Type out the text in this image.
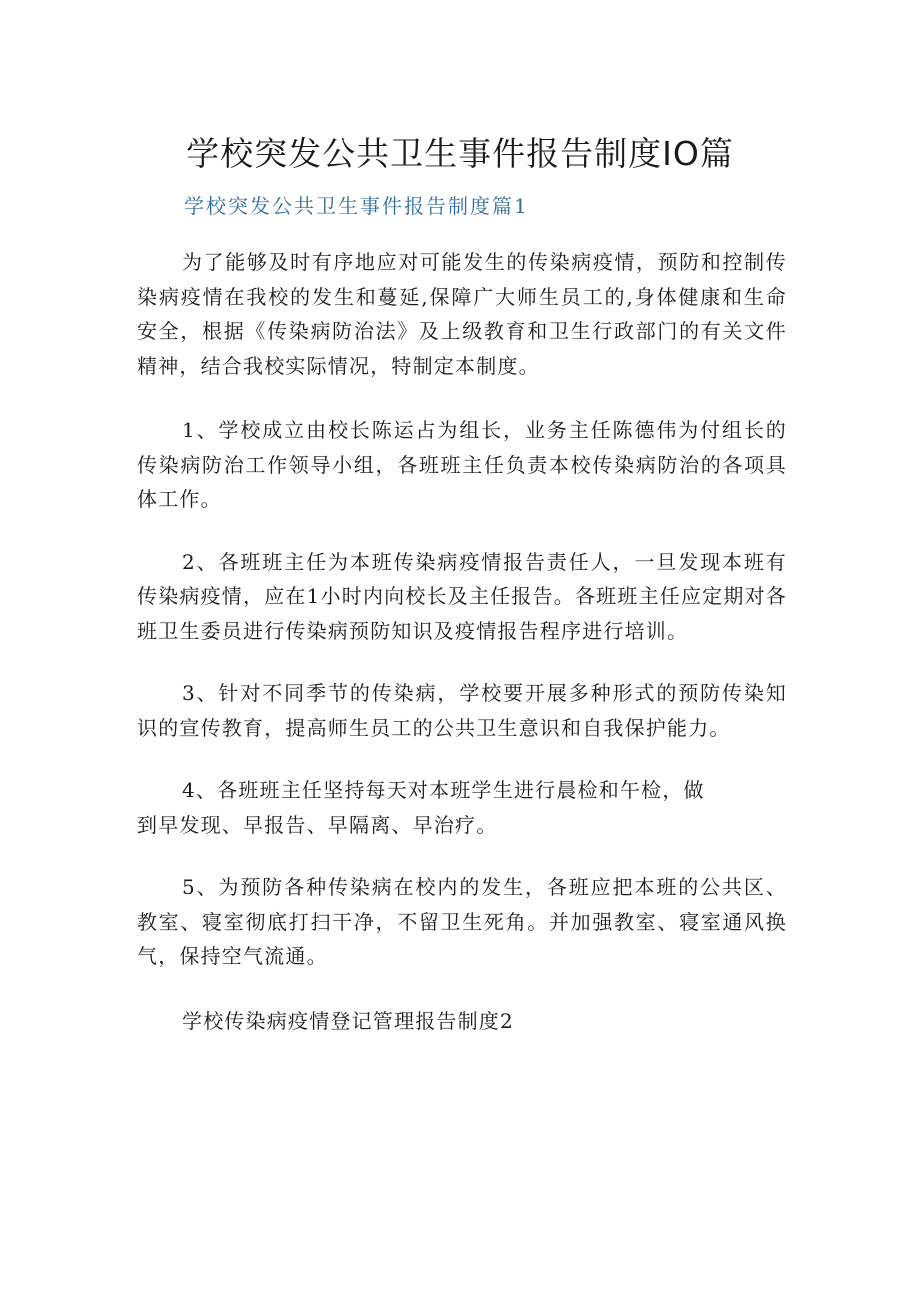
学校突发公共卫生事件报告制度IO篇
学校突发公共卫生事件报告制度篇1

为了能够及时有序地应对可能发生的传染病疫情，预防和控制传染病疫情在我校的发生和蔓延,保障广大师生员工的,身体健康和生命安全，根据《传染病防治法》及上级教育和卫生行政部门的有关文件精神，结合我校实际情况，特制定本制度。

1、学校成立由校长陈运占为组长，业务主任陈德伟为付组长的传染病防治工作领导小组，各班班主任负责本校传染病防治的各项具体工作。

2、各班班主任为本班传染病疫情报告责任人，一旦发现本班有传染病疫情，应在1小时内向校长及主任报告。各班班主任应定期对各班卫生委员进行传染病预防知识及疫情报告程序进行培训。

3、针对不同季节的传染病，学校要开展多种形式的预防传染知识的宣传教育，提高师生员工的公共卫生意识和自我保护能力。

4、各班班主任坚持每天对本班学生进行晨检和午检，做
到早发现、早报告、早隔离、早治疗。

5、为预防各种传染病在校内的发生，各班应把本班的公共区、教室、寝室彻底打扫干净，不留卫生死角。并加强教室、寝室通风换气，保持空气流通。

学校传染病疫情登记管理报告制度2
